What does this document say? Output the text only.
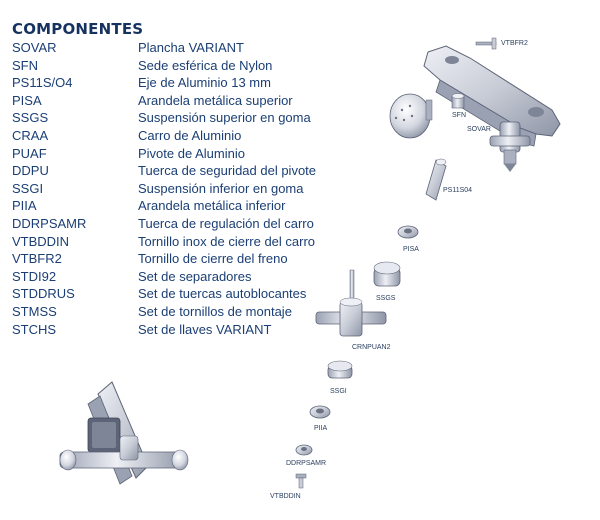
COMPONENTES
SOVAR	Plancha VARIANT
SFN	Sede esférica de Nylon
PS11S/O4	Eje de Aluminio 13 mm
PISA	Arandela metálica superior
SSGS	Suspensión superior en goma
CRAA	Carro de Aluminio
PUAF	Pivote de Aluminio
DDPU	Tuerca de seguridad del pivote
SSGI	Suspensión inferior en goma
PIIA	Arandela metálica inferior
DDRPSAMR	Tuerca de regulación del carro
VTBDDIN	Tornillo inox de cierre del carro
VTBFR2	Tornillo de cierre del freno
STDI92	Set de separadores
STDDRUS	Set de tuercas autoblocantes
STMSS	Set de tornillos de montaje
STCHS	Set de llaves VARIANT
VTBFR2
SFN
SOVAR
PS11S04
PISA
SSGS
CRNPUAN2
SSGI
PIIA
DDRPSAMR
VTBDDIN
